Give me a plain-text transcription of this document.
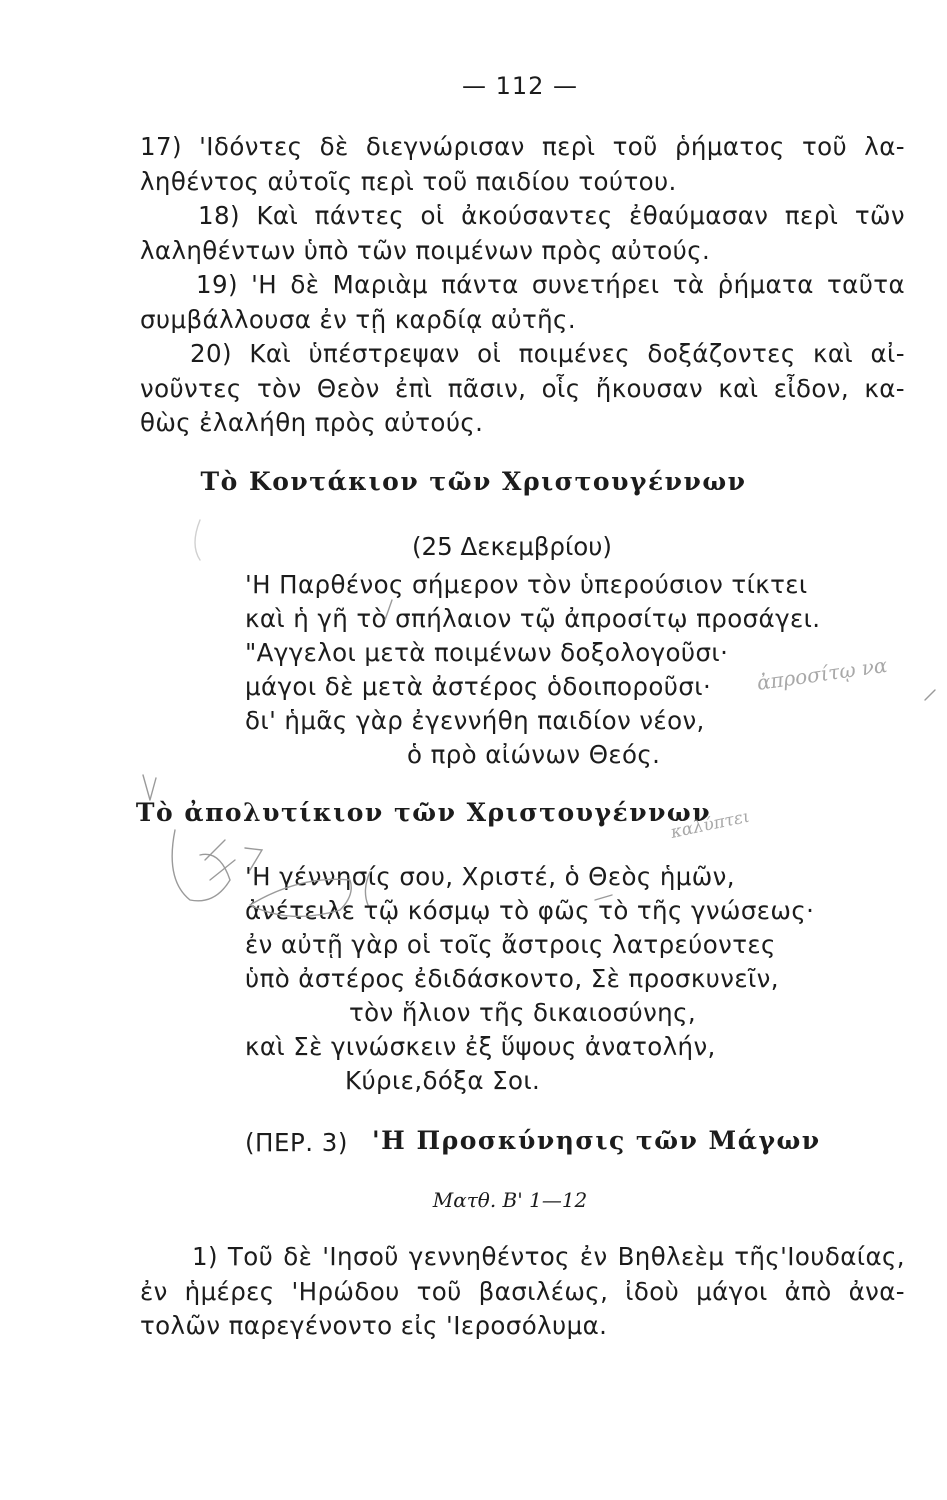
— 112 —
17) 'Ιδόντες δὲ διεγνώρισαν περὶ τοῦ ῥήματος τοῦ λα-
ληθέντος αὐτοῖς περὶ τοῦ παιδίου τούτου.
18) Καὶ πάντες οἱ ἀκούσαντες ἐθαύμασαν περὶ τῶν
λαληθέντων ὑπὸ τῶν ποιμένων πρὸς αὐτούς.
19) 'Η δὲ Μαριὰμ πάντα συνετήρει τὰ ῥήματα ταῦτα
συμβάλλουσα ἐν τῇ καρδίᾳ αὐτῆς.
20) Καὶ ὑπέστρεψαν οἱ ποιμένες δοξάζοντες καὶ αἰ-
νοῦντες τὸν Θεὸν ἐπὶ πᾶσιν, οἷς ἤκουσαν καὶ εἶδον, κα-
θὼς ἐλαλήθη πρὸς αὐτούς.
Τὸ Κοντάκιον τῶν Χριστουγέννων
(25 Δεκεμβρίου)
'Η Παρθένος σήμερον τὸν ὑπερούσιον τίκτει
καὶ ἡ γῆ τὸ σπήλαιον τῷ ἀπροσίτῳ προσάγει.
"Αγγελοι μετὰ ποιμένων δοξολογοῦσι·
μάγοι δὲ μετὰ ἀστέρος ὁδοιποροῦσι·
δι' ἡμᾶς γὰρ ἐγεννήθη παιδίον νέον,
ὁ πρὸ αἰώνων Θεός.
Τὸ ἀπολυτίκιον τῶν Χριστουγέννων
'Η γέννησίς σου, Χριστέ, ὁ Θεὸς ἡμῶν,
ἀνέτειλε τῷ κόσμῳ τὸ φῶς τὸ τῆς γνώσεως·
ἐν αὐτῇ γὰρ οἱ τοῖς ἄστροις λατρεύοντες
ὑπὸ ἀστέρος ἐδιδάσκοντο, Σὲ προσκυνεῖν,
τὸν ἥλιον τῆς δικαιοσύνης,
καὶ Σὲ γινώσκειν ἐξ ὕψους ἀνατολήν,
Κύριε,δόξα Σοι.
(ΠΕΡ. 3) 'Η Προσκύνησις τῶν Μάγων
Ματθ. Β' 1—12
1) Τοῦ δὲ 'Ιησοῦ γεννηθέντος ἐν Βηθλεὲμ τῆς'Ιουδαίας,
ἐν ἡμέρες 'Ηρώδου τοῦ βασιλέως, ἰδοὺ μάγοι ἀπὸ ἀνα-
τολῶν παρεγένοντο εἰς 'Ιεροσόλυμα.
ἀπροσίτῳ να
καλύπτει
